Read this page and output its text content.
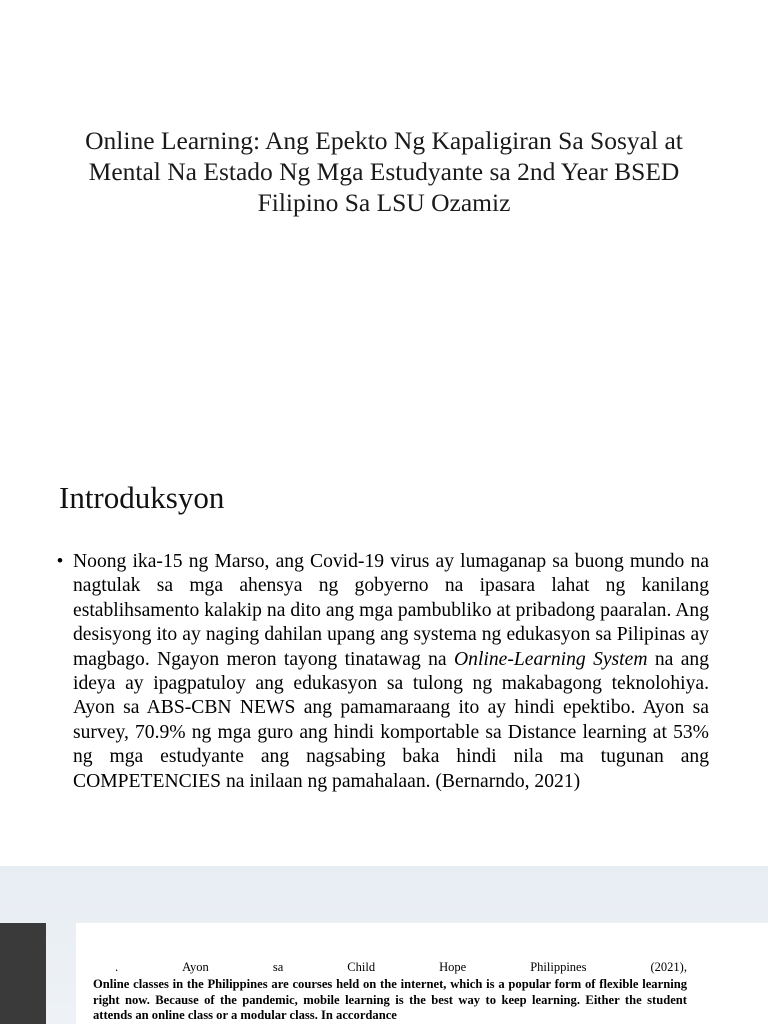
Online Learning: Ang Epekto Ng Kapaligiran Sa Sosyal at Mental Na Estado Ng Mga Estudyante sa 2nd Year BSED Filipino Sa LSU Ozamiz
Introduksyon
• Noong ika-15 ng Marso, ang Covid-19 virus ay lumaganap sa buong mundo na nagtulak sa mga ahensya ng gobyerno na ipasara lahat ng kanilang establihsamento kalakip na dito ang mga pambubliko at pribadong paaralan. Ang desisyong ito ay naging dahilan upang ang systema ng edukasyon sa Pilipinas ay magbago. Ngayon meron tayong tinatawag na Online-Learning System na ang ideya ay ipagpatuloy ang edukasyon sa tulong ng makabagong teknolohiya. Ayon sa ABS-CBN NEWS ang pamamaraang ito ay hindi epektibo. Ayon sa survey, 70.9% ng mga guro ang hindi komportable sa Distance learning at 53% ng mga estudyante ang nagsabing baka hindi nila ma tugunan ang COMPETENCIES na inilaan ng pamahalaan. (Bernarndo, 2021)
.	Ayon	sa	Child	Hope	Philippines	(2021),
Online classes in the Philippines are courses held on the internet, which is a popular form of flexible learning right now. Because of the pandemic, mobile learning is the best way to keep learning. Either the student attends an online class or a modular class. In accordance
